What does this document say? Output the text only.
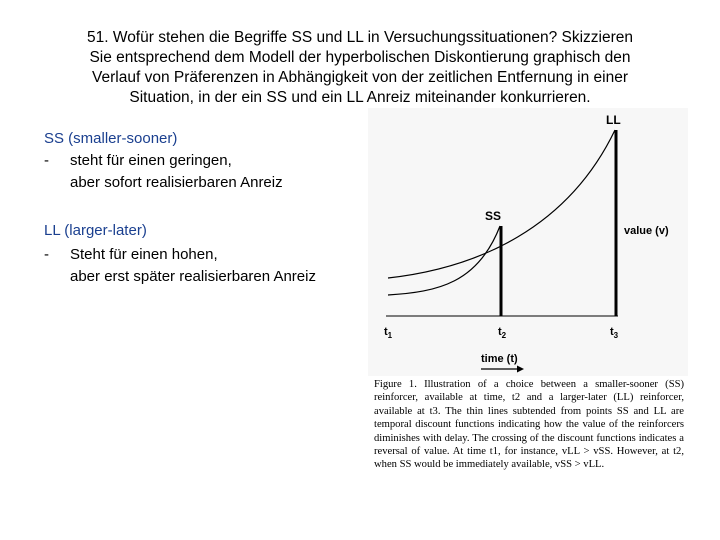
51. Wofür stehen die Begriffe SS und LL in Versuchungssituationen? Skizzieren
Sie entsprechend dem Modell der hyperbolischen Diskontierung graphisch den
Verlauf von Präferenzen in Abhängigkeit von der zeitlichen Entfernung in einer
Situation, in der ein SS und ein LL Anreiz miteinander konkurrieren.
SS (smaller-sooner)
- steht für einen geringen,
aber sofort realisierbaren Anreiz
LL (larger-later)
- Steht für einen hohen,
aber erst später realisierbaren Anreiz
LL
SS
value (v)
$t_1$	$t_2$	$t_3$
time (t)
Figure 1. Illustration of a choice between a smaller-sooner (SS) reinforcer, available at time, t2 and a larger-later (LL) reinforcer, available at t3. The thin lines subtended from points SS and LL are temporal discount functions indicating how the value of the reinforcers diminishes with delay. The crossing of the discount functions indicates a reversal of value. At time t1, for instance, vLL > vSS. However, at t2, when SS would be immediately available, vSS > vLL.
